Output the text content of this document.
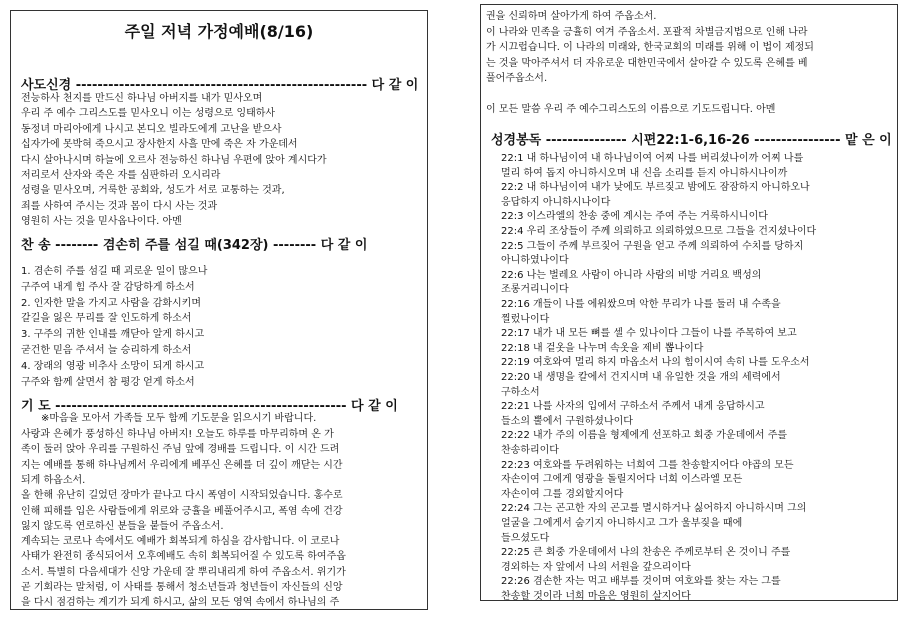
주일 저녁 가정예배(8/16)
사도신경 ------------------------------------------------------ 다 같 이
전능하사 천지를 만드신 하나님 아버지를 내가 믿사오며
우리 주 예수 그리스도를 믿사오니 이는 성령으로 잉태하사
동정녀 마리아에게 나시고 본디오 빌라도에게 고난을 받으사
십자가에 못박혀 죽으시고 장사한지 사흘 만에 죽은 자 가운데서
다시 살아나시며 하늘에 오르사 전능하신 하나님 우편에 앉아 계시다가
저리로서 산자와 죽은 자를 심판하러 오시리라
성령을 믿사오며, 거룩한 공회와, 성도가 서로 교통하는 것과,
죄를 사하여 주시는 것과 몸이 다시 사는 것과
영원히 사는 것을 믿사옵나이다. 아멘
찬 송 -------- 겸손히 주를 섬길 때(342장) -------- 다 같 이
1. 겸손히 주를 섬길 때 괴로운 일이 많으나
구주여 내게 힘 주사 잘 감당하게 하소서
2. 인자한 말을 가지고 사람을 감화시키며
갈길을 잃은 무리를 잘 인도하게 하소서
3. 구주의 귀한 인내를 깨닫아 알게 하시고
굳건한 믿음 주셔서 늘 승리하게 하소서
4. 장래의 영광 비추사 소망이 되게 하시고
구주와 함께 살면서 참 평강 얻게 하소서
기 도 ------------------------------------------------------ 다 같 이
※마음을 모아서 가족들 모두 함께 기도문을 읽으시기 바랍니다.
사랑과 은혜가 풍성하신 하나님 아버지! 오늘도 하루를 마무리하며 온 가
족이 둘러 앉아 우리를 구원하신 주님 앞에 경배를 드립니다. 이 시간 드려
지는 예배를 통해 하나님께서 우리에게 베푸신 은혜를 더 깊이 깨닫는 시간
되게 하옵소서.
올 한해 유난히 길었던 장마가 끝나고 다시 폭염이 시작되었습니다. 홍수로
인해 피해를 입은 사람들에게 위로와 긍휼을 베풀어주시고, 폭염 속에 건강
잃지 않도록 연로하신 분들을 붙들어 주옵소서.
계속되는 코로나 속에서도 예배가 회복되게 하심을 감사합니다. 이 코로나
사태가 완전히 종식되어서 오후예배도 속히 회복되어질 수 있도록 하여주옵
소서. 특별히 다음세대가 신앙 가운데 잘 뿌리내리게 하여 주옵소서. 위기가
곧 기회라는 말처럼, 이 사태를 통해서 청소년들과 청년들이 자신들의 신앙
을 다시 점검하는 계기가 되게 하시고, 삶의 모든 영역 속에서 하나님의 주
권을 신뢰하며 살아가게 하여 주옵소서.
이 나라와 민족을 긍휼히 여겨 주옵소서. 포괄적 차별금지법으로 인해 나라
가 시끄럽습니다. 이 나라의 미래와, 한국교회의 미래를 위해 이 법이 제정되
는 것을 막아주셔서 더 자유로운 대한민국에서 살아갈 수 있도록 은혜를 베
풀어주옵소서.
이 모든 말씀 우리 주 예수그리스도의 이름으로 기도드립니다. 아멘
성경봉독 --------------- 시편22:1-6,16-26 ---------------- 맡 은 이
22:1 내 하나님이여 내 하나님이여 어찌 나를 버리셨나이까 어찌 나를
멀리 하여 돕지 아니하시오며 내 신음 소리를 듣지 아니하시나이까
22:2 내 하나님이여 내가 낮에도 부르짖고 밤에도 잠잠하지 아니하오나
응답하지 아니하시나이다
22:3 이스라엘의 찬송 중에 계시는 주여 주는 거룩하시니이다
22:4 우리 조상들이 주께 의뢰하고 의뢰하였으므로 그들을 건지셨나이다
22:5 그들이 주께 부르짖어 구원을 얻고 주께 의뢰하여 수치를 당하지
아니하였나이다
22:6 나는 벌레요 사람이 아니라 사람의 비방 거리요 백성의
조롱거리니이다
22:16 개들이 나를 에워쌌으며 악한 무리가 나를 둘러 내 수족을
찔렀나이다
22:17 내가 내 모든 뼈를 셀 수 있나이다 그들이 나를 주목하여 보고
22:18 내 겉옷을 나누며 속옷을 제비 뽑나이다
22:19 여호와여 멀리 하지 마옵소서 나의 힘이시여 속히 나를 도우소서
22:20 내 생명을 칼에서 건지시며 내 유일한 것을 개의 세력에서
구하소서
22:21 나를 사자의 입에서 구하소서 주께서 내게 응답하시고
들소의 뿔에서 구원하셨나이다
22:22 내가 주의 이름을 형제에게 선포하고 회중 가운데에서 주를
찬송하리이다
22:23 여호와를 두려워하는 너희여 그를 찬송할지어다 야곱의 모든
자손이여 그에게 영광을 돌릴지어다 너희 이스라엘 모든
자손이여 그를 경외할지어다
22:24 그는 곤고한 자의 곤고를 멸시하거나 싫어하지 아니하시며 그의
얼굴을 그에게서 숨기지 아니하시고 그가 울부짖을 때에
들으셨도다
22:25 큰 회중 가운데에서 나의 찬송은 주께로부터 온 것이니 주를
경외하는 자 앞에서 나의 서원을 갚으리이다
22:26 겸손한 자는 먹고 배부를 것이며 여호와를 찾는 자는 그를
찬송할 것이라 너희 마음은 영원히 살지어다
